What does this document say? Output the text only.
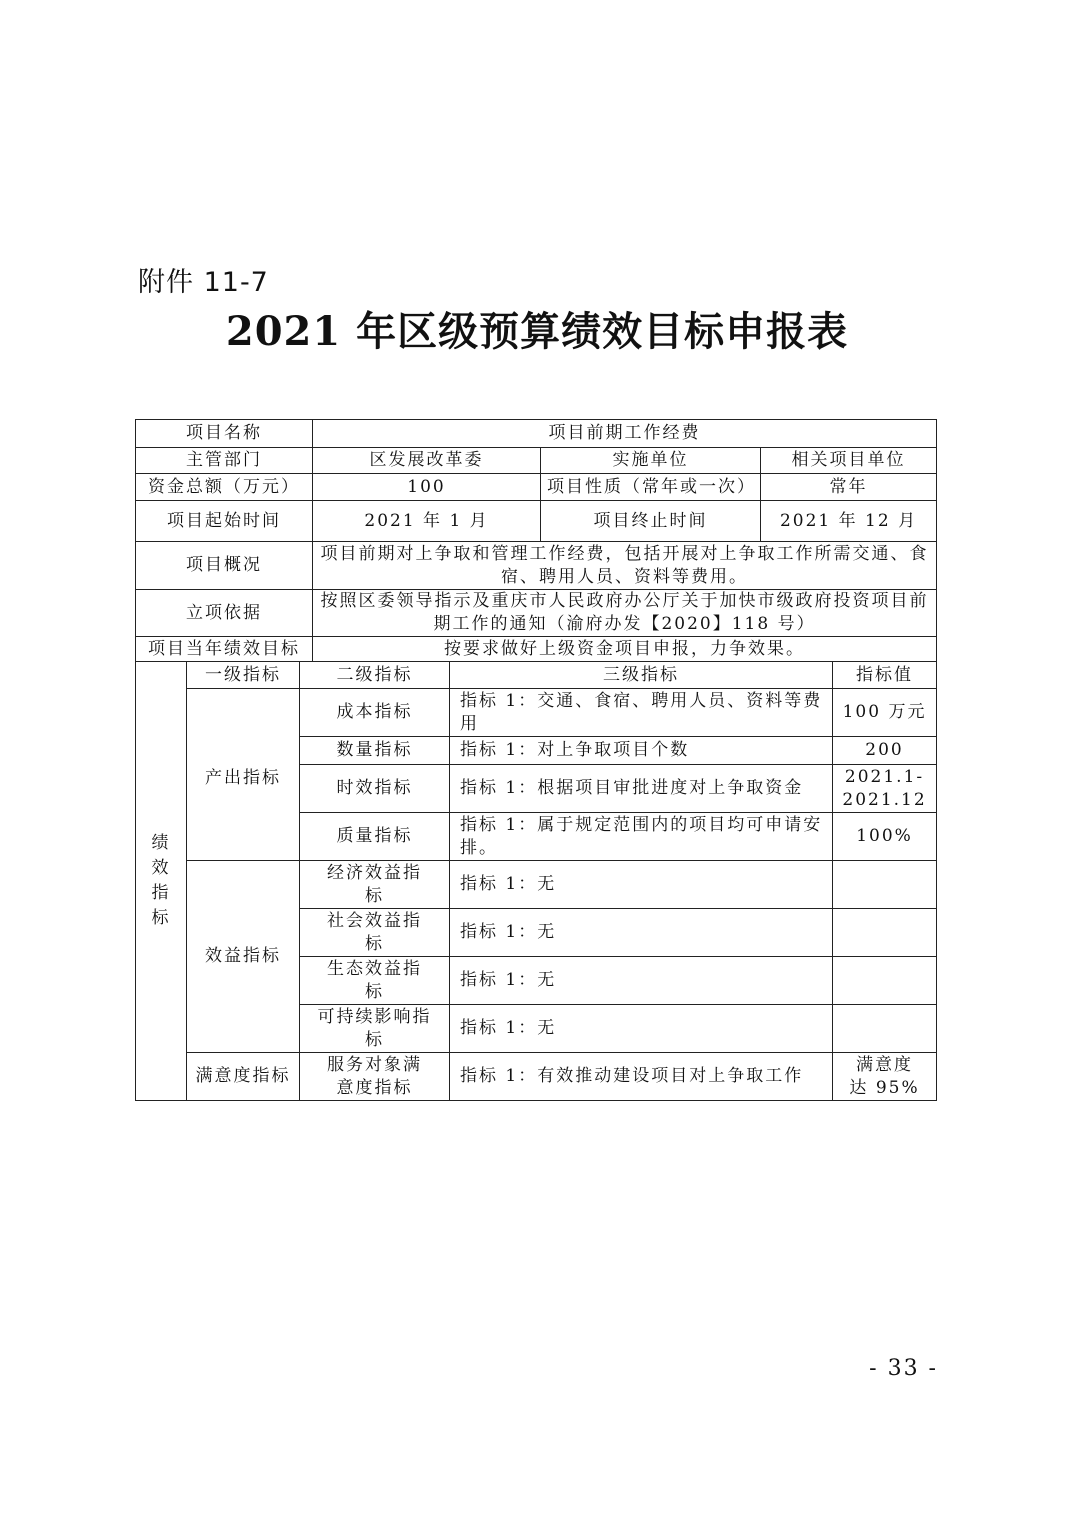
附件 11-7
2021 年区级预算绩效目标申报表
项目名称			项目前期工作经费				
主管部门			区发展改革委		实施单位	相关项目单位	
资金总额（万元）			100		项目性质（常年或一次）	常年	
项目起始时间			2021 年 1 月		项目终止时间	2021 年 12 月	
项目概况			项目前期对上争取和管理工作经费，包括开展对上争取工作所需交通、食宿、聘用人员、资料等费用。				
立项依据			按照区委领导指示及重庆市人民政府办公厅关于加快市级政府投资项目前期工作的通知（渝府办发【2020】118 号）				
项目当年绩效目标			按要求做好上级资金项目申报，力争效果。				
绩效指标	一级指标	二级指标		三级指标			指标值
	产出指标	成本指标		指标 1：交通、食宿、聘用人员、资料等费用			100 万元
		数量指标		指标 1：对上争取项目个数			200
		时效指标		指标 1：根据项目审批进度对上争取资金			2021.1-2021.12
		质量指标		指标 1：属于规定范围内的项目均可申请安排。			100%
	效益指标	经济效益指标		指标 1：无			
		社会效益指标		指标 1：无			
		生态效益指标		指标 1：无			
		可持续影响指标		指标 1：无			
	满意度指标	服务对象满意度指标		指标 1：有效推动建设项目对上争取工作			满意度达 95%
- 33 -
